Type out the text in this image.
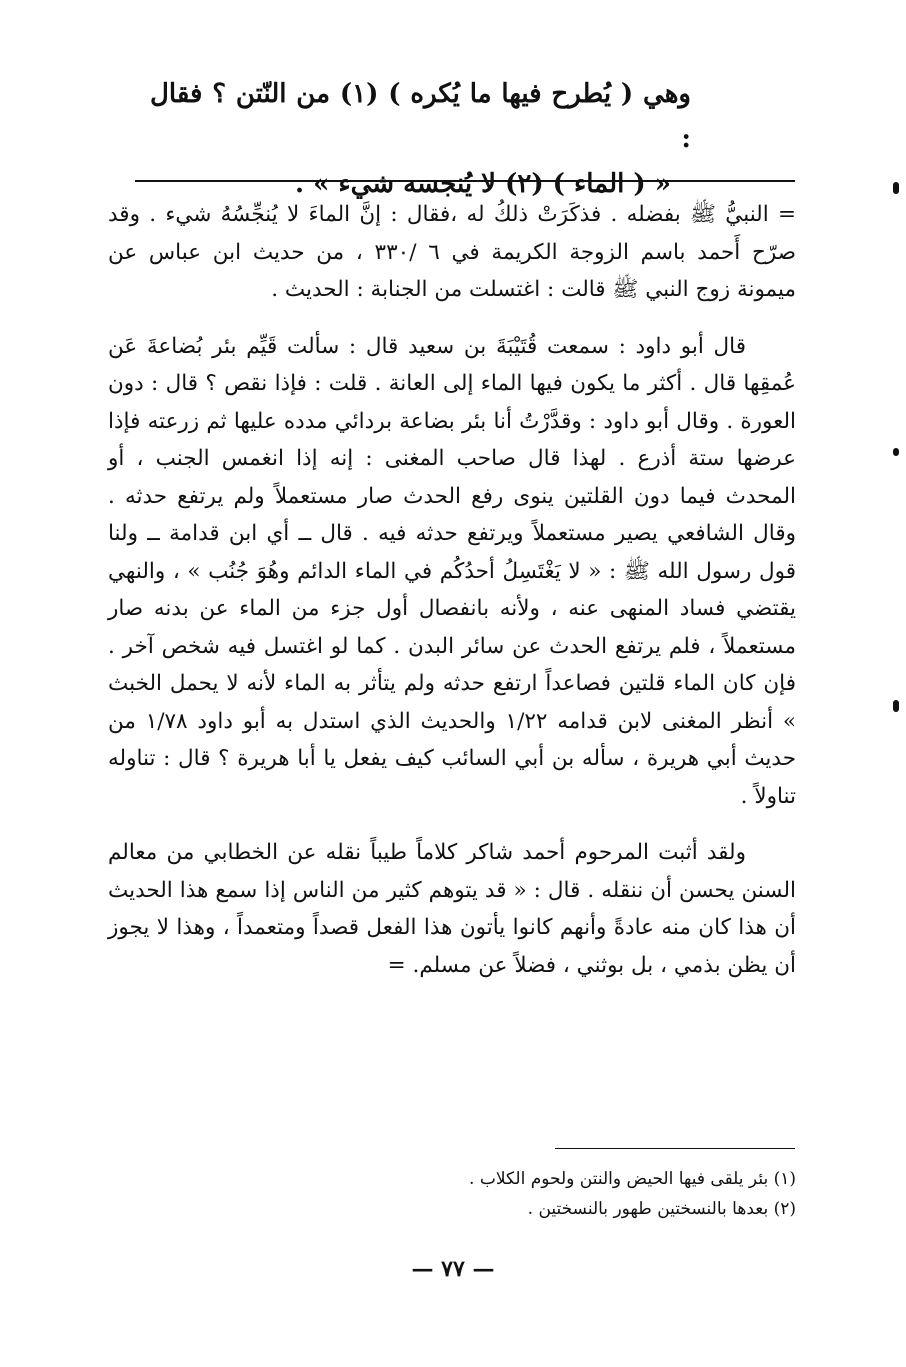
وهي ( يُطرح فيها ما يُكره ) (١) من النّتن ؟ فقال :
« ( الماء ) (٢) لا يُنجسه شيء » .

= النبيُّ ﷺ بفضله . فذكَرَتْ ذلكُ له ،فقال : إنَّ الماءَ لا يُنجِّسُهُ شيء . وقد صرّح أَحمد باسم الزوجة الكريمة في ٦ /٣٣٠ ، من حديث ابن عباس عن ميمونة زوج النبي ﷺ قالت : اغتسلت من الجنابة : الحديث .

قال أبو داود : سمعت قُتَيْبَةَ بن سعيد قال : سألت قَيِّم بئر بُضاعةَ عَن عُمقِها قال . أكثر ما يكون فيها الماء إلى العانة . قلت : فإذا نقص ؟ قال : دون العورة . وقال أبو داود : وقدَّرْتُ أنا بئر بضاعة بردائي مدده عليها ثم زرعته فإذا عرضها ستة أذرع . لهذا قال صاحب المغنى : إنه إذا انغمس الجنب ، أو المحدث فيما دون القلتين ينوى رفع الحدث صار مستعملاً ولم يرتفع حدثه . وقال الشافعي يصير مستعملاً ويرتفع حدثه فيه . قال ــ أي ابن قدامة ــ ولنا قول رسول الله ﷺ : « لا يَغْتَسِلُ أحدُكُم في الماء الدائم وهُوَ جُنُب » ، والنهي يقتضي فساد المنهى عنه ، ولأنه بانفصال أول جزء من الماء عن بدنه صار مستعملاً ، فلم يرتفع الحدث عن سائر البدن . كما لو اغتسل فيه شخص آخر . فإن كان الماء قلتين فصاعداً ارتفع حدثه ولم يتأثر به الماء لأنه لا يحمل الخبث » أنظر المغنى لابن قدامه ١/٢٢ والحديث الذي استدل به أبو داود ١/٧٨ من حديث أبي هريرة ، سأله بن أبي السائب كيف يفعل يا أبا هريرة ؟ قال : تناوله تناولاً .

ولقد أثبت المرحوم أحمد شاكر كلاماً طيباً نقله عن الخطابي من معالم السنن يحسن أن ننقله . قال : « قد يتوهم كثير من الناس إذا سمع هذا الحديث أن هذا كان منه عادةً وأنهم كانوا يأتون هذا الفعل قصداً ومتعمداً ، وهذا لا يجوز أن يظن بذمي ، بل بوثني ، فضلاً عن مسلم. =

(١) بئر يلقى فيها الحيض والنتن ولحوم الكلاب .

(٢) بعدها بالنسختين طهور بالنسختين .

— ٧٧ —
